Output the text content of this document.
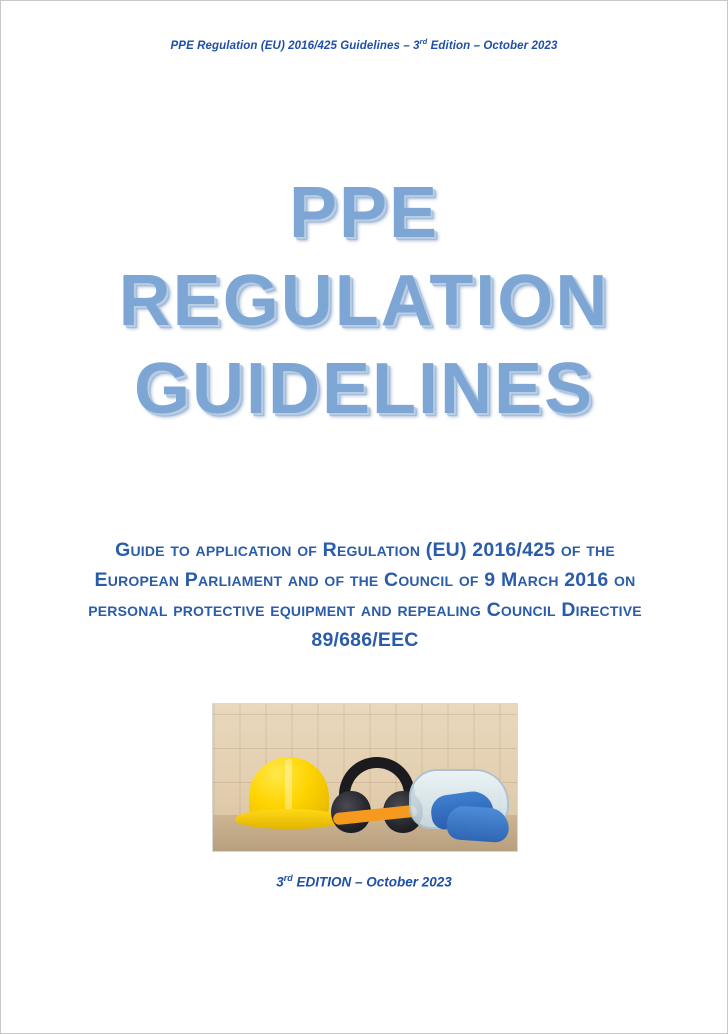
PPE Regulation (EU) 2016/425 Guidelines – 3rd Edition – October 2023
PPE
REGULATION
GUIDELINES
Guide to application of Regulation (EU) 2016/425 of the European Parliament and of the Council of 9 March 2016 on personal protective equipment and repealing Council Directive 89/686/EEC
3rd EDITION – October 2023
